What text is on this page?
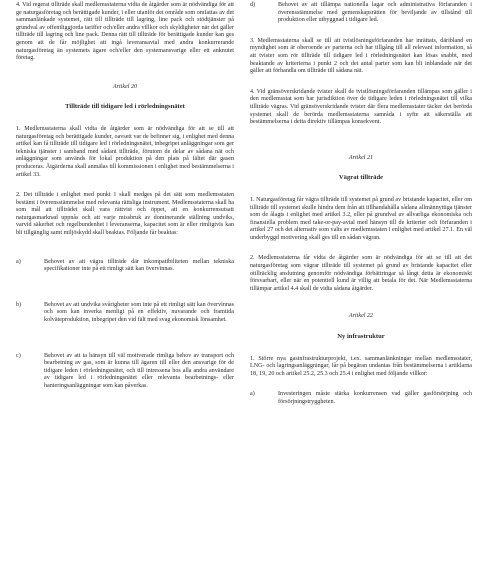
4. Vid regerat tillträde skall medlemsstaterna vidta de åtgärder som är nödvändiga för att ge naturgasföretag och berättigade kunder, i eller utanför det område som omfattas av det sammanlänkade systemet, rätt till tillträde till lagring, line pack och stödtjänster på grundval av offentliggjorda tariffer och/eller andra villkor och skyldigheter när det gäller tillträde till lagring och line pack. Denna rätt till tillträde för berättigade kunder kan ges genom att de får möjlighet att ingå leveransavtal med andra konkurrerande naturgasföretag än systemets ägare och/eller den systemansvarige eller ett anknutet företag.

Artikel 20
Tillträde till tidigare led i rörledningsnätet

1. Medlemsstaterna skall vidta de åtgärder som är nödvändiga för att se till att naturgasföretag och berättigade kunder, oavsett var de befinner sig, i enlighet med denna artikel kan få tillträde till tidigare led i rörledningsnätet, inbegripet anläggningar som ger tekniska tjänster i samband med sådant tillträde, förutom de delar av sådana nät och anläggningar som används för lokal produktion på den plats på fältet där gasen produceras. Åtgärderna skall anmälas till kommissionen i enlighet med bestämmelserna i artikel 33.

2. Det tillträde i enlighet med punkt 1 skall medges på det sätt som medlemsstaten bestämt i överensstämmelse med relevanta rättsliga instrument. Medlemsstaterna skall ha som mål att tillträdet skall vara rättvist och öppet, att en konkurrensutsatt naturgasmarknad uppnås och att varje missbruk av dominerande ställning undviks, varvid säkerhet och regelbundenhet i leveranserna, kapacitet som är eller rimligtvis kan bli tillgänglig samt miljöskydd skall beaktas. Följande får beaktas:

a)	Behovet av att vägra tillträde där inkompatibiliteten mellan tekniska specifikationer inte på ett rimligt sätt kan övervinnas.
b)	Behovet av att undvika svårigheter som inte på ett rimligt sätt kan övervinnas och som kan inverka menligt på en effektiv, nuvarande och framtida kolväteproduktion, inbegripet den vid fält med svag ekonomisk lönsamhet.
c)	Behovet av att ta hänsyn till väl motiverade rimliga behov av transport och bearbetning av gas, som är kunna till ägaren till eller den ansvarige för de tidigare leden i rörledningsnätet, och till intressena hos alla andra användare av tidigare led i rörledningsnätet eller relevanta bearbetnings- eller hanteringsanläggningar som kan påverkas.
d)	Behovet av att tillämpa nationella lagar och administrativa förfaranden i överensstämmelse med gemenskapsrätten för beviljande av tillstånd till produktion eller utbyggnad i tidigare led.

3. Medlemsstaterna skall se till att tvistlösningsförfaranden har inrättats, däribland en myndighet som är oberoende av parterna och har tillgång till all relevant information, så att tvister som rör tillträde till tidigare led i rörledningsnätet kan lösas snabbt, med beaktande av kriterierna i punkt 2 och det antal parter som kan bli inblandade när det gäller att förhandla om tillträde till sådana nät.

4. Vid gränsöverskridande tvister skall de tvistlösningsförfaranden tillämpas som gäller i den medlemsstat som har jurisdiktion över de tidigare leden i rörledningsnätet till vilka tillträde vägras. Vid gränsöverskridande tvister där flera medlemsstater täcker det berörda systemet skall de berörda medlemsstaterna samråda i syfte att säkerställa att bestämmelserna i detta direktiv tillämpas konsekvent.

Artikel 21
Vägrat tillträde

1. Naturgasföretag får vägra tillträde till systemet på grund av bristande kapacitet, eller om tillträde till systemet skulle hindra dem från att tillhandahålla sådana allmännyttiga tjänster som de ålagts i enlighet med artikel 3.2, eller på grundval av allvarliga ekonomiska och finansiella problem med take-or-pay-avtal med hänsyn till de kriterier och förfaranden i artikel 27 och det alternativ som valts av medlemsstaten i enlighet med artikel 27.1. En väl underbyggd motivering skall ges till en sådan vägran.

2. Medlemsstaterna får vidta de åtgärder som är nödvändiga för att se till att det naturgasföretag som vägrar tillträde till systemet på grund av bristande kapacitet eller otillräcklig anslutning genomför nödvändiga förbättringar så långt detta är ekonomiskt försvarbart, eller när en potentiell kund är villig att betala för det. När Medlemsstaterna tillämpar artikel 4.4 skall de vidta sådana åtgärder.

Artikel 22
Ny infrastruktur

1. Större nya gasinfrastrukturprojekt, t.ex. sammanlänkningar mellan medlemsstater, LNG- och lagringsanläggningar, får på begäran undantas från bestämmelserna i artiklarna 18, 19, 20 och artikel 25.2, 25.3 och 25.4 i enlighet med följande villkor:

a)	Investeringen måste stärka konkurrensen vad gäller gasförsörjning och försörjningstryggheten.
